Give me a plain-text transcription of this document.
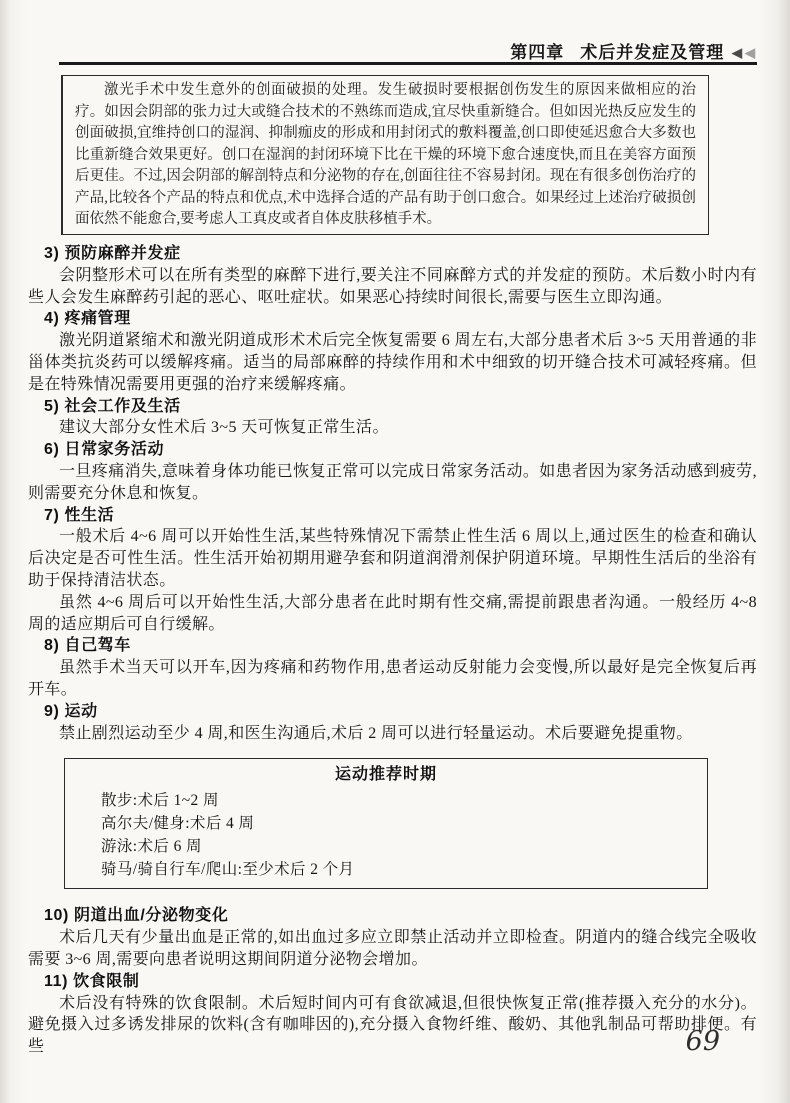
第四章 术后并发症及管理 ◀ ◀

激光手术中发生意外的创面破损的处理。发生破损时要根据创伤发生的原因来做相应的治疗。如因会阴部的张力过大或缝合技术的不熟练而造成,宜尽快重新缝合。但如因光热反应发生的创面破损,宜维持创口的湿润、抑制痂皮的形成和用封闭式的敷料覆盖,创口即使延迟愈合大多数也比重新缝合效果更好。创口在湿润的封闭环境下比在干燥的环境下愈合速度快,而且在美容方面预后更佳。不过,因会阴部的解剖特点和分泌物的存在,创面往往不容易封闭。现在有很多创伤治疗的产品,比较各个产品的特点和优点,术中选择合适的产品有助于创口愈合。如果经过上述治疗破损创面依然不能愈合,要考虑人工真皮或者自体皮肤移植手术。

3) 预防麻醉并发症

会阴整形术可以在所有类型的麻醉下进行,要关注不同麻醉方式的并发症的预防。术后数小时内有些人会发生麻醉药引起的恶心、呕吐症状。如果恶心持续时间很长,需要与医生立即沟通。

4) 疼痛管理

激光阴道紧缩术和激光阴道成形术术后完全恢复需要 6 周左右,大部分患者术后 3~5 天用普通的非甾体类抗炎药可以缓解疼痛。适当的局部麻醉的持续作用和术中细致的切开缝合技术可减轻疼痛。但是在特殊情况需要用更强的治疗来缓解疼痛。

5) 社会工作及生活

建议大部分女性术后 3~5 天可恢复正常生活。

6) 日常家务活动

一旦疼痛消失,意味着身体功能已恢复正常可以完成日常家务活动。如患者因为家务活动感到疲劳,则需要充分休息和恢复。

7) 性生活

一般术后 4~6 周可以开始性生活,某些特殊情况下需禁止性生活 6 周以上,通过医生的检查和确认后决定是否可性生活。性生活开始初期用避孕套和阴道润滑剂保护阴道环境。早期性生活后的坐浴有助于保持清洁状态。

虽然 4~6 周后可以开始性生活,大部分患者在此时期有性交痛,需提前跟患者沟通。一般经历 4~8 周的适应期后可自行缓解。

8) 自己驾车

虽然手术当天可以开车,因为疼痛和药物作用,患者运动反射能力会变慢,所以最好是完全恢复后再开车。

9) 运动

禁止剧烈运动至少 4 周,和医生沟通后,术后 2 周可以进行轻量运动。术后要避免提重物。

运动推荐时期
散步:术后 1~2 周
高尔夫/健身:术后 4 周
游泳:术后 6 周
骑马/骑自行车/爬山:至少术后 2 个月
10) 阴道出血/分泌物变化

术后几天有少量出血是正常的,如出血过多应立即禁止活动并立即检查。阴道内的缝合线完全吸收需要 3~6 周,需要向患者说明这期间阴道分泌物会增加。

11) 饮食限制

术后没有特殊的饮食限制。术后短时间内可有食欲减退,但很快恢复正常(推荐摄入充分的水分)。避免摄入过多诱发排尿的饮料(含有咖啡因的),充分摄入食物纤维、酸奶、其他乳制品可帮助排便。有些	69
